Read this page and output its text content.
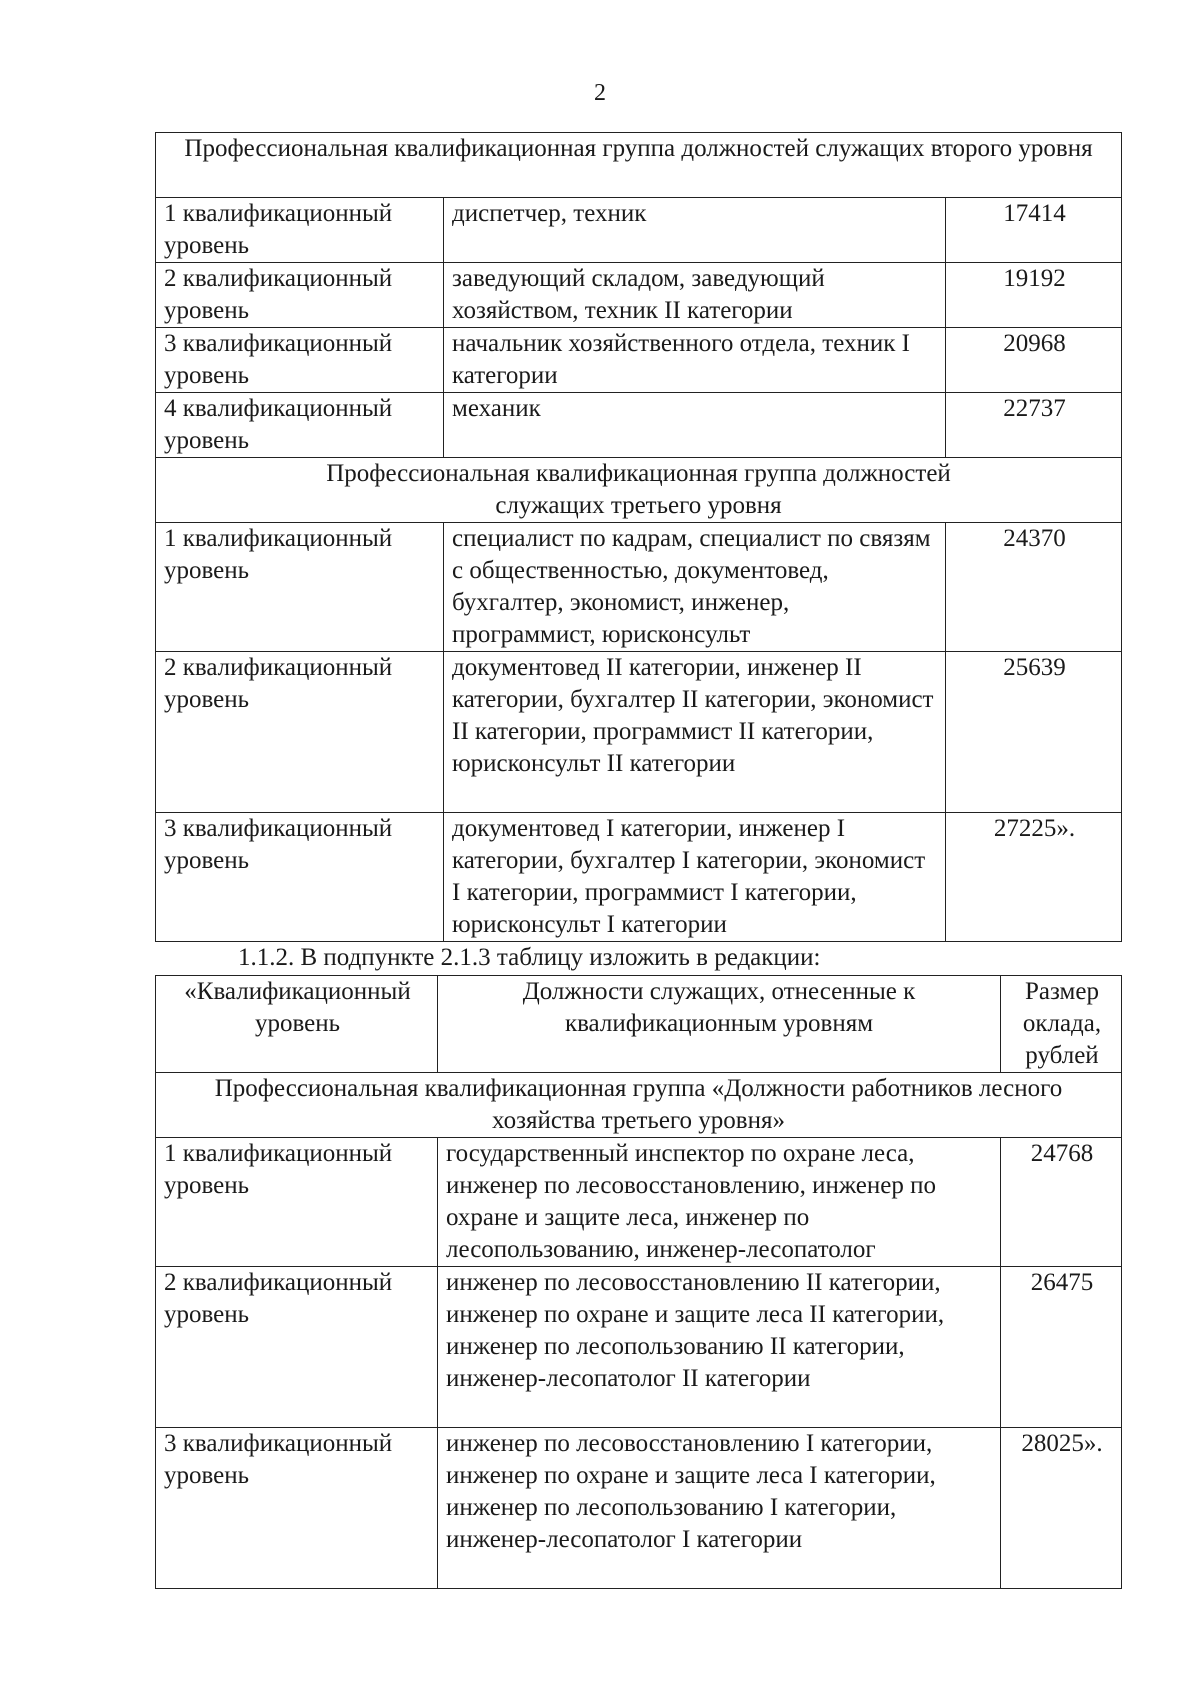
2
Профессиональная квалификационная группа должностей служащих второго уровня		
1 квалификационный уровень	диспетчер, техник	17414
2 квалификационный уровень	заведующий складом, заведующий хозяйством, техник II категории	19192
3 квалификационный уровень	начальник хозяйственного отдела, техник I категории	20968
4 квалификационный уровень	механик	22737
Профессиональная квалификационная группа должностей служащих третьего уровня		
1 квалификационный уровень	специалист по кадрам, специалист по связям с общественностью, документовед, бухгалтер, экономист, инженер, программист, юрисконсульт	24370
2 квалификационный уровень	документовед II категории, инженер II категории, бухгалтер II категории, экономист II категории, программист II категории, юрисконсульт II категории	25639
3 квалификационный уровень	документовед I категории, инженер I категории, бухгалтер I категории, экономист I категории, программист I категории, юрисконсульт I категории	27225».
1.1.2. В подпункте 2.1.3 таблицу изложить в редакции:
«Квалификационный уровень	Должности служащих, отнесенные к квалификационным уровням	Размер оклада, рублей
Профессиональная квалификационная группа «Должности работников лесного хозяйства третьего уровня»		
1 квалификационный уровень	государственный инспектор по охране леса, инженер по лесовосстановлению, инженер по охране и защите леса, инженер по лесопользованию, инженер-лесопатолог	24768
2 квалификационный уровень	инженер по лесовосстановлению II категории, инженер по охране и защите леса II категории, инженер по лесопользованию II категории, инженер-лесопатолог II категории	26475
3 квалификационный уровень	инженер по лесовосстановлению I категории, инженер по охране и защите леса I категории, инженер по лесопользованию I категории, инженер-лесопатолог I категории	28025».
